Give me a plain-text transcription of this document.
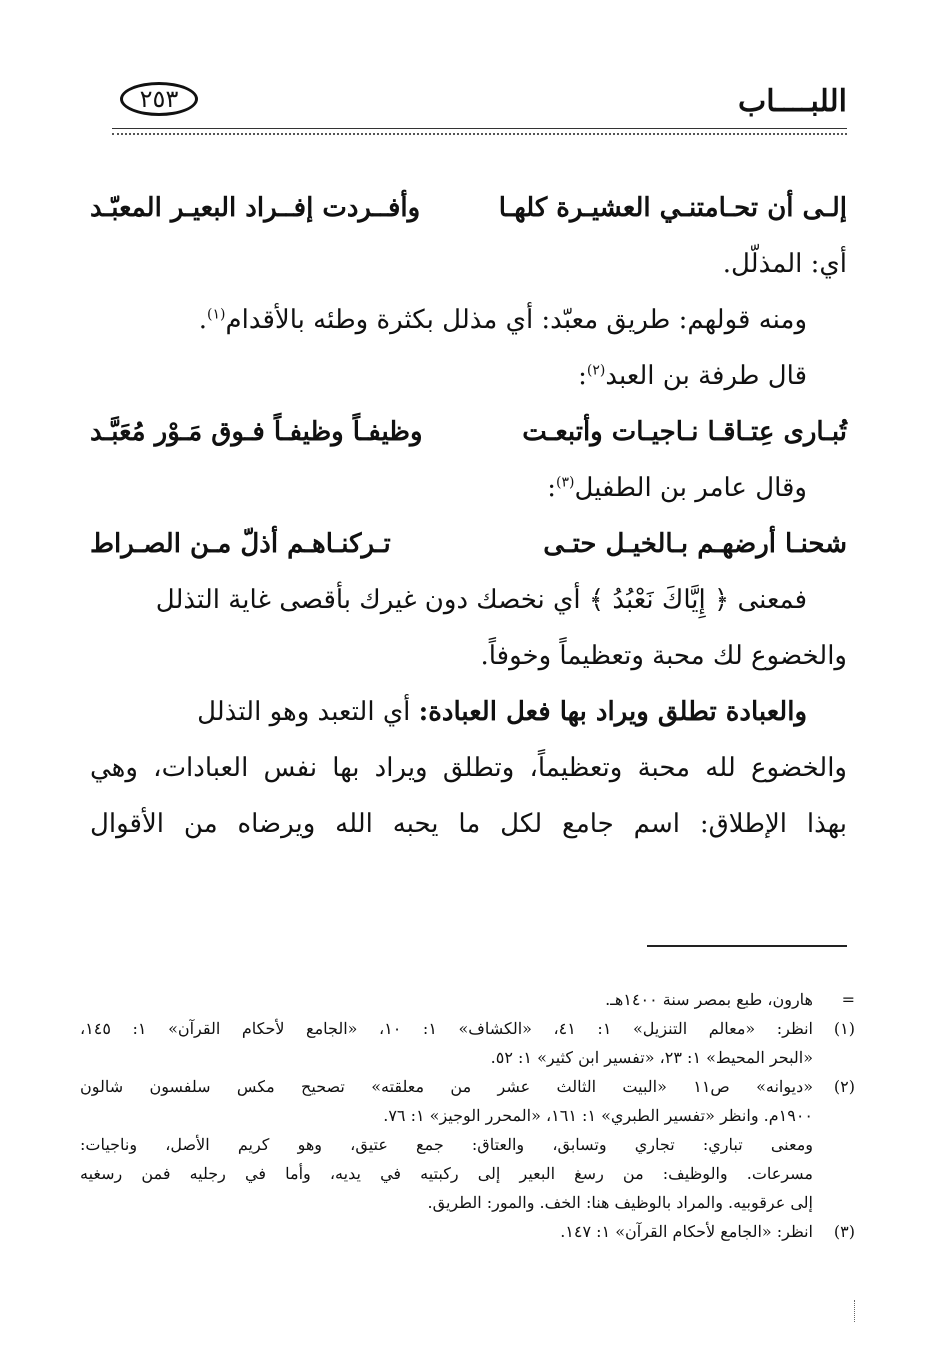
اللبــــاب
٢٥٣
إلـى أن تحـامتنـي العشيـرة كلهـا
وأفــردت إفــراد البعيـر المعبّـد
أي: المذلّل.
ومنه قولهم: طريق معبّد: أي مذلل بكثرة وطئه بالأقدام$^{(١)}$.
قال طرفة بن العبد$^{(٢)}$:
تُبـارى عِتـاقـا نـاجيـات وأتبعـت
وظيفـاً وظيفـاً فـوق مَـوْر مُعَبَّـد
وقال عامر بن الطفيل$^{(٣)}$:
شحنـا أرضهـم بـالخيـل حتـى
تـركنـاهـم أذلّ مـن الصـراط
فمعنى ﴿ إِيَّاكَ نَعْبُدُ ﴾ أي نخصك دون غيرك بأقصى غاية التذلل
والخضوع لك محبة وتعظيماً وخوفاً.
والعبادة تطلق ويراد بها فعل العبادة: أي التعبد وهو التذلل
والخضوع لله محبة وتعظيماً، وتطلق ويراد بها نفس العبادات، وهي
بهذا الإطلاق: اسم جامع لكل ما يحبه الله ويرضاه من الأقوال
=
هارون، طبع بمصر سنة ١٤٠٠هـ.
(١)
انظر: «معالم التنزيل» ١: ٤١، «الكشاف» ١: ١٠، «الجامع لأحكام القرآن» ١: ١٤٥،
«البحر المحيط» ١: ٢٣، «تفسير ابن كثير» ١: ٥٢.
(٢)
«ديوانه» ص١١ «البيت الثالث عشر من معلقته» تصحيح مكس سلفسون شالون
١٩٠٠م. وانظر «تفسير الطبري» ١: ١٦١، «المحرر الوجيز» ١: ٧٦.
ومعنى تباري: تجاري وتسابق، والعتاق: جمع عتيق، وهو كريم الأصل، وناجيات:
مسرعات. والوظيف: من رسغ البعير إلى ركبتيه في يديه، وأما في رجليه فمن رسغيه
إلى عرقوبيه. والمراد بالوظيف هنا: الخف. والمور: الطريق.
(٣)
انظر: «الجامع لأحكام القرآن» ١: ١٤٧.
